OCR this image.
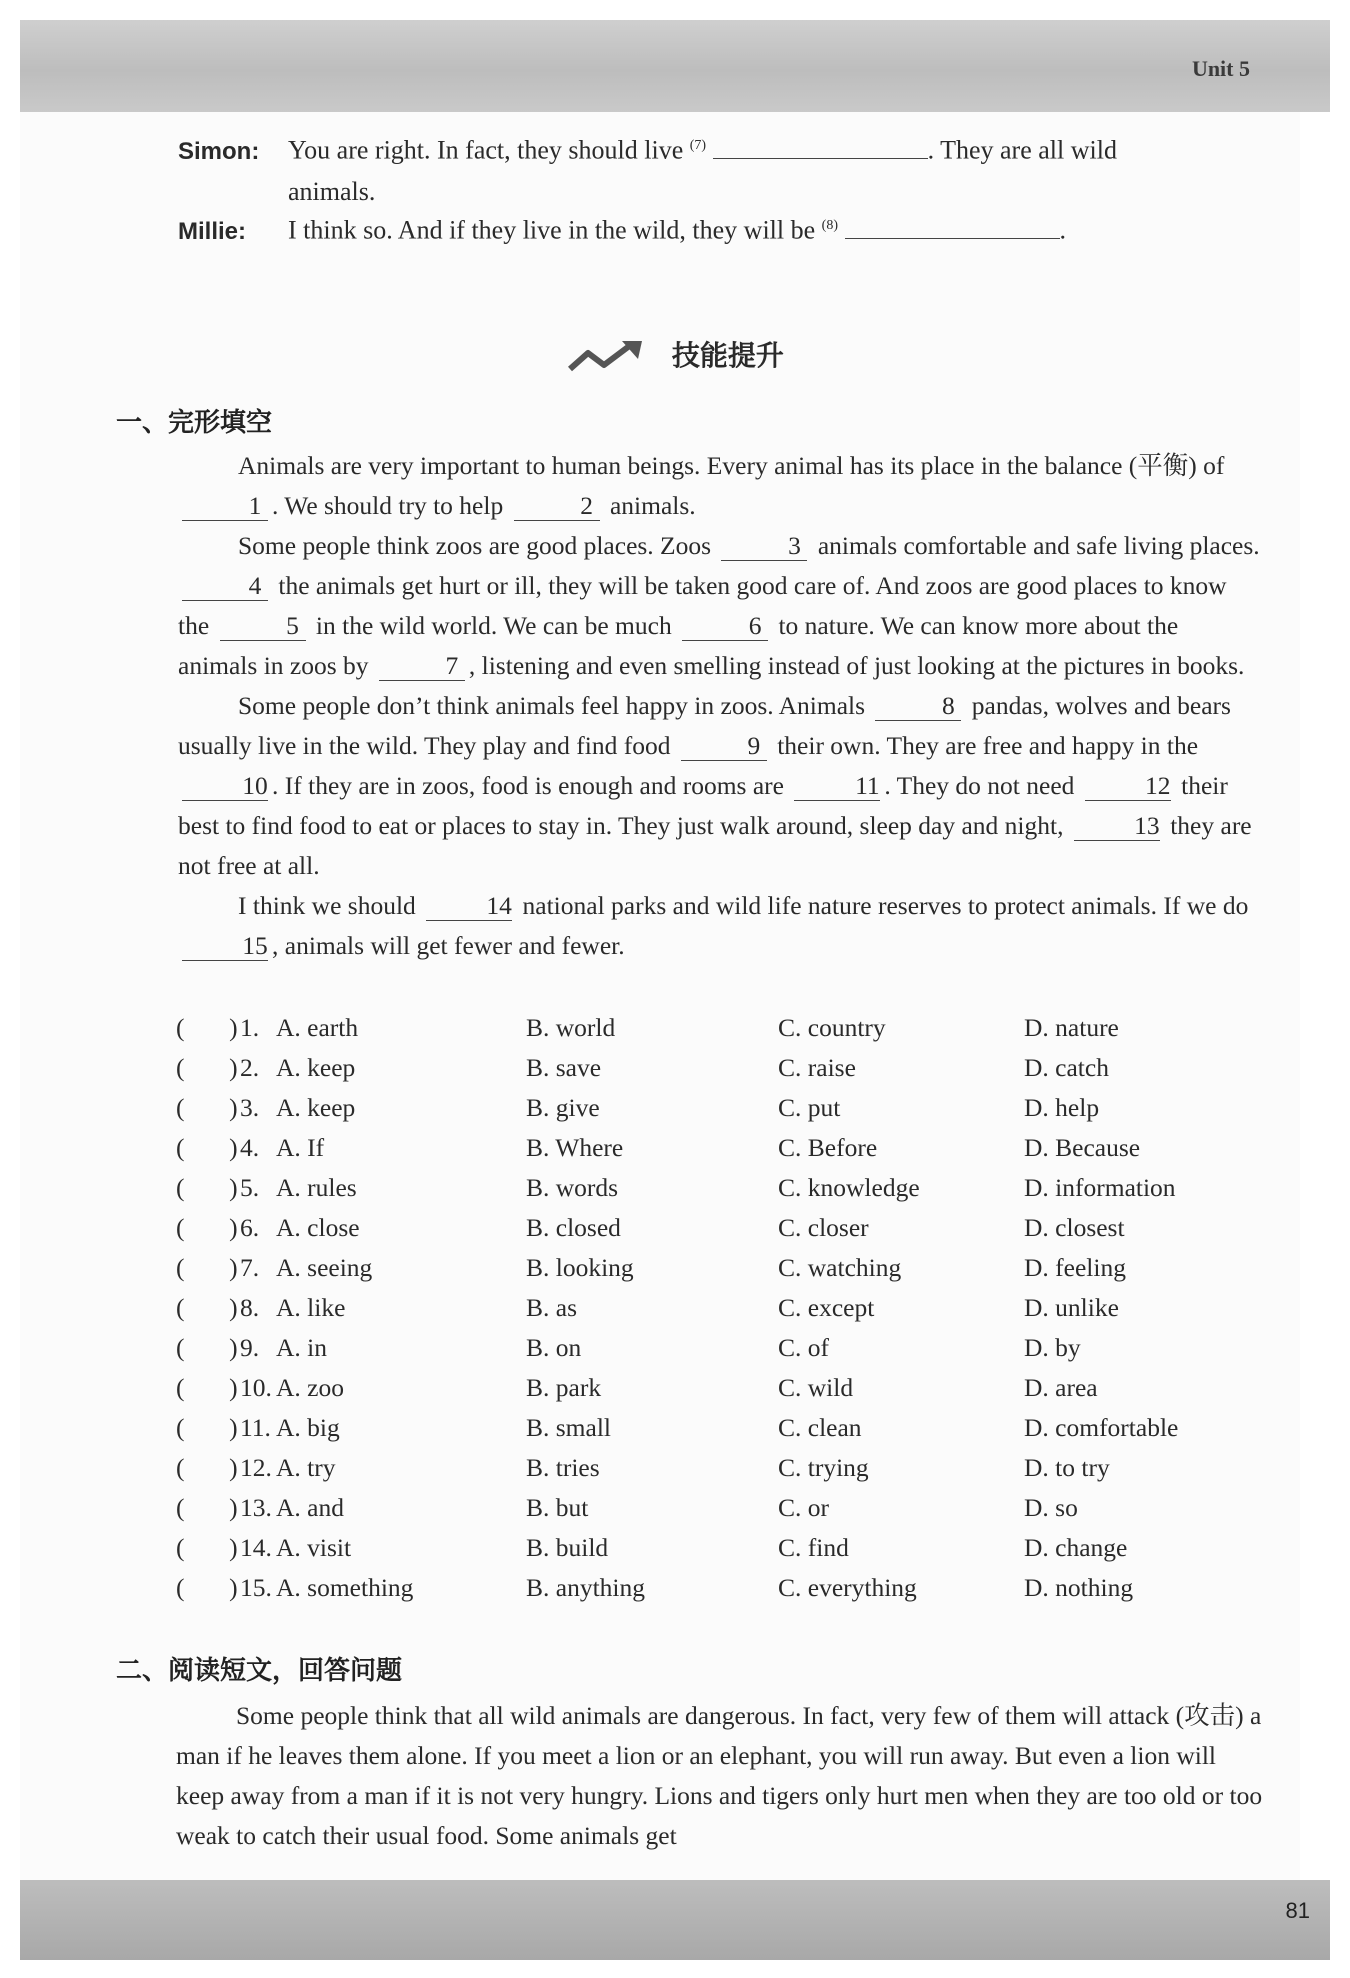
Unit 5
Simon: You are right. In fact, they should live $^{(7)}$	. They are all wild
animals.
Millie: I think so. And if they live in the wild, they will be $^{(8)}$	.
技能提升
一、完形填空

Animals are very important to human beings. Every animal has its place in the balance (平衡) of 1 . We should try to help	2 animals.

Some people think zoos are good places. Zoos	3 animals comfortable and safe living places. 4 the animals get hurt or ill, they will be taken good care of. And zoos are good places to know the	5 in the wild world. We can be much	6 to nature. We can know more about the animals in zoos by	7 , listening and even smelling instead of just looking at the pictures in books.

Some people don’t think animals feel happy in zoos. Animals	8 pandas, wolves and bears usually live in the wild. They play and find food	9 their own. They are free and happy in the 10 . If they are in zoos, food is enough and rooms are	11 . They do not need	12 their best to find food to eat or places to stay in. They just walk around, sleep day and night,	13 they are not free at all.

I think we should	14 national parks and wild life nature reserves to protect animals. If we do 15 , animals will get fewer and fewer.

(       ) 1. A. earth	B. world	C. country	D. nature
(       ) 2. A. keep	B. save	C. raise	D. catch
(       ) 3. A. keep	B. give	C. put	D. help
(       ) 4. A. If	B. Where	C. Before	D. Because
(       ) 5. A. rules	B. words	C. knowledge	D. information
(       ) 6. A. close	B. closed	C. closer	D. closest
(       ) 7. A. seeing	B. looking	C. watching	D. feeling
(       ) 8. A. like	B. as	C. except	D. unlike
(       ) 9. A. in	B. on	C. of	D. by
(       ) 10. A. zoo	B. park	C. wild	D. area
(       ) 11. A. big	B. small	C. clean	D. comfortable
(       ) 12. A. try	B. tries	C. trying	D. to try
(       ) 13. A. and	B. but	C. or	D. so
(       ) 14. A. visit	B. build	C. find	D. change
(       ) 15. A. something	B. anything	C. everything	D. nothing
二、阅读短文，回答问题

Some people think that all wild animals are dangerous. In fact, very few of them will attack (攻击) a man if he leaves them alone. If you meet a lion or an elephant, you will run away. But even a lion will keep away from a man if it is not very hungry. Lions and tigers only hurt men when they are too old or too weak to catch their usual food. Some animals get

81
